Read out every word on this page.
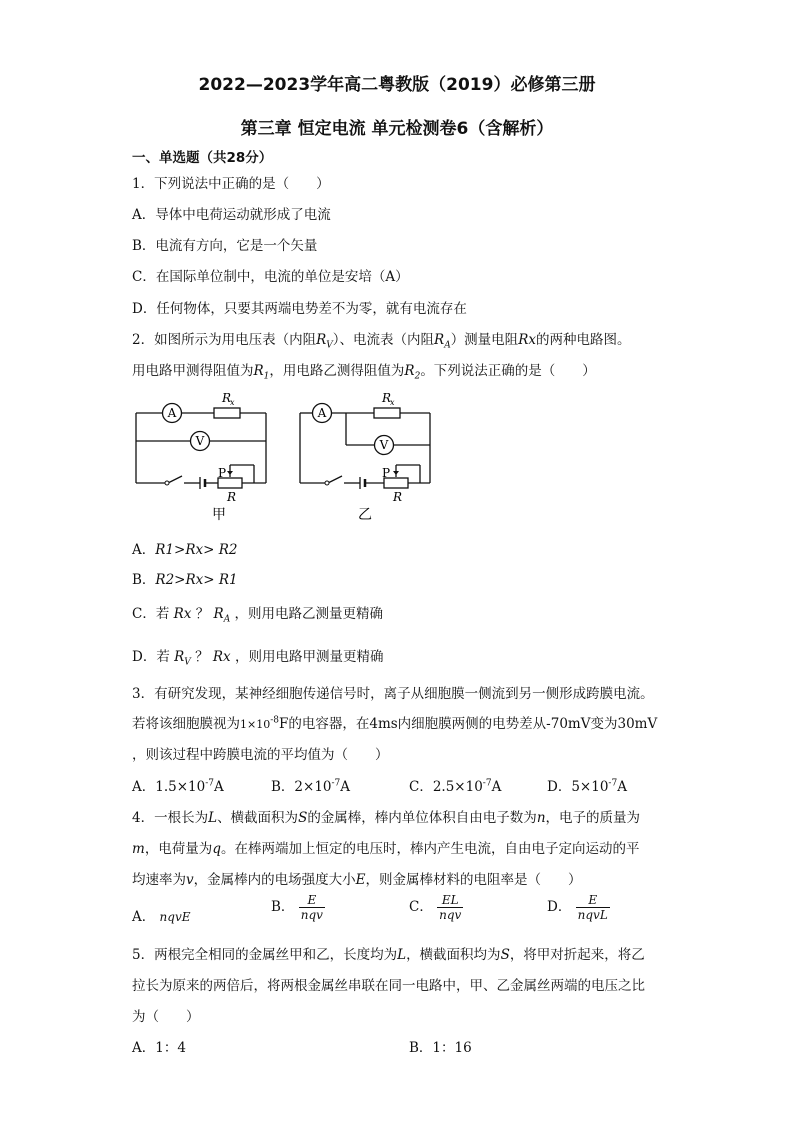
2022—2023学年高二粤教版（2019）必修第三册
第三章 恒定电流 单元检测卷6（含解析）
一、单选题（共28分）
1．下列说法中正确的是（　　）
A．导体中电荷运动就形成了电流
B．电流有方向，它是一个矢量
C．在国际单位制中，电流的单位是安培（A）
D．任何物体，只要其两端电势差不为零，就有电流存在
2．如图所示为用电压表（内阻$R_V$）、电流表（内阻$R_A$）测量电阻Rx的两种电路图。
用电路甲测得阻值为$R_1$，用电路乙测得阻值为$R_2$。下列说法正确的是（　　）
A
R
x
V
P
R
甲
A
R
x
V
P
R
乙
A．R1>Rx> R2
B．R2>Rx> R1
C．若 Rx ？ $R_A$ ，则用电路乙测量更精确
D．若 $R_V$ ？ Rx ，则用电路甲测量更精确
3．有研究发现，某神经细胞传递信号时，离子从细胞膜一侧流到另一侧形成跨膜电流。
若将该细胞膜视为$1\times 10^{-8}F$的电容器，在4ms内细胞膜两侧的电势差从-70mV变为30mV
，则该过程中跨膜电流的平均值为（　　）
A．$1.5\times 10^{-7}A$	B．$2\times 10^{-7}A$	C．$2.5\times 10^{-7}A$	D．$5\times 10^{-7}A$
4．一根长为L、横截面积为S的金属棒，棒内单位体积自由电子数为n，电子的质量为
m，电荷量为q。在棒两端加上恒定的电压时，棒内产生电流，自由电子定向运动的平
均速率为v，金属棒内的电场强度大小E，则金属棒材料的电阻率是（　　）
A． nqvE
B． $\frac{E}{\text{nqv}}$	C． $\frac{EL}{\text{nqv}}$	D． $\frac{E}{\text{nqvL}}$
5．两根完全相同的金属丝甲和乙，长度均为L，横截面积均为S，将甲对折起来，将乙
拉长为原来的两倍后，将两根金属丝串联在同一电路中，甲、乙金属丝两端的电压之比
为（　　）
A．1：4	B．1：16
